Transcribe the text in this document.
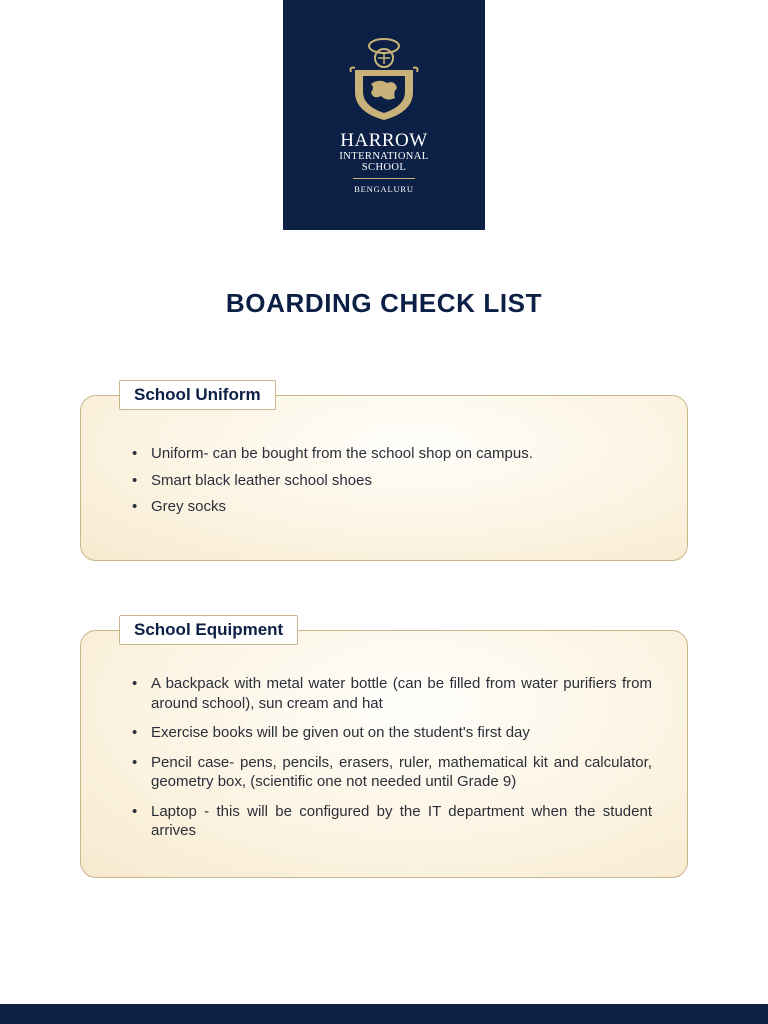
HARROW
INTERNATIONAL
SCHOOL
BENGALURU
BOARDING CHECK LIST
School Uniform
• Uniform- can be bought from the school shop on campus.
• Smart black leather school shoes
• Grey socks
School Equipment
• A backpack with metal water bottle (can be filled from water purifiers from around school), sun cream and hat
• Exercise books will be given out on the student's first day
• Pencil case- pens, pencils, erasers, ruler, mathematical kit and calculator, geometry box, (scientific one not needed until Grade 9)
• Laptop - this will be configured by the IT department when the student arrives
